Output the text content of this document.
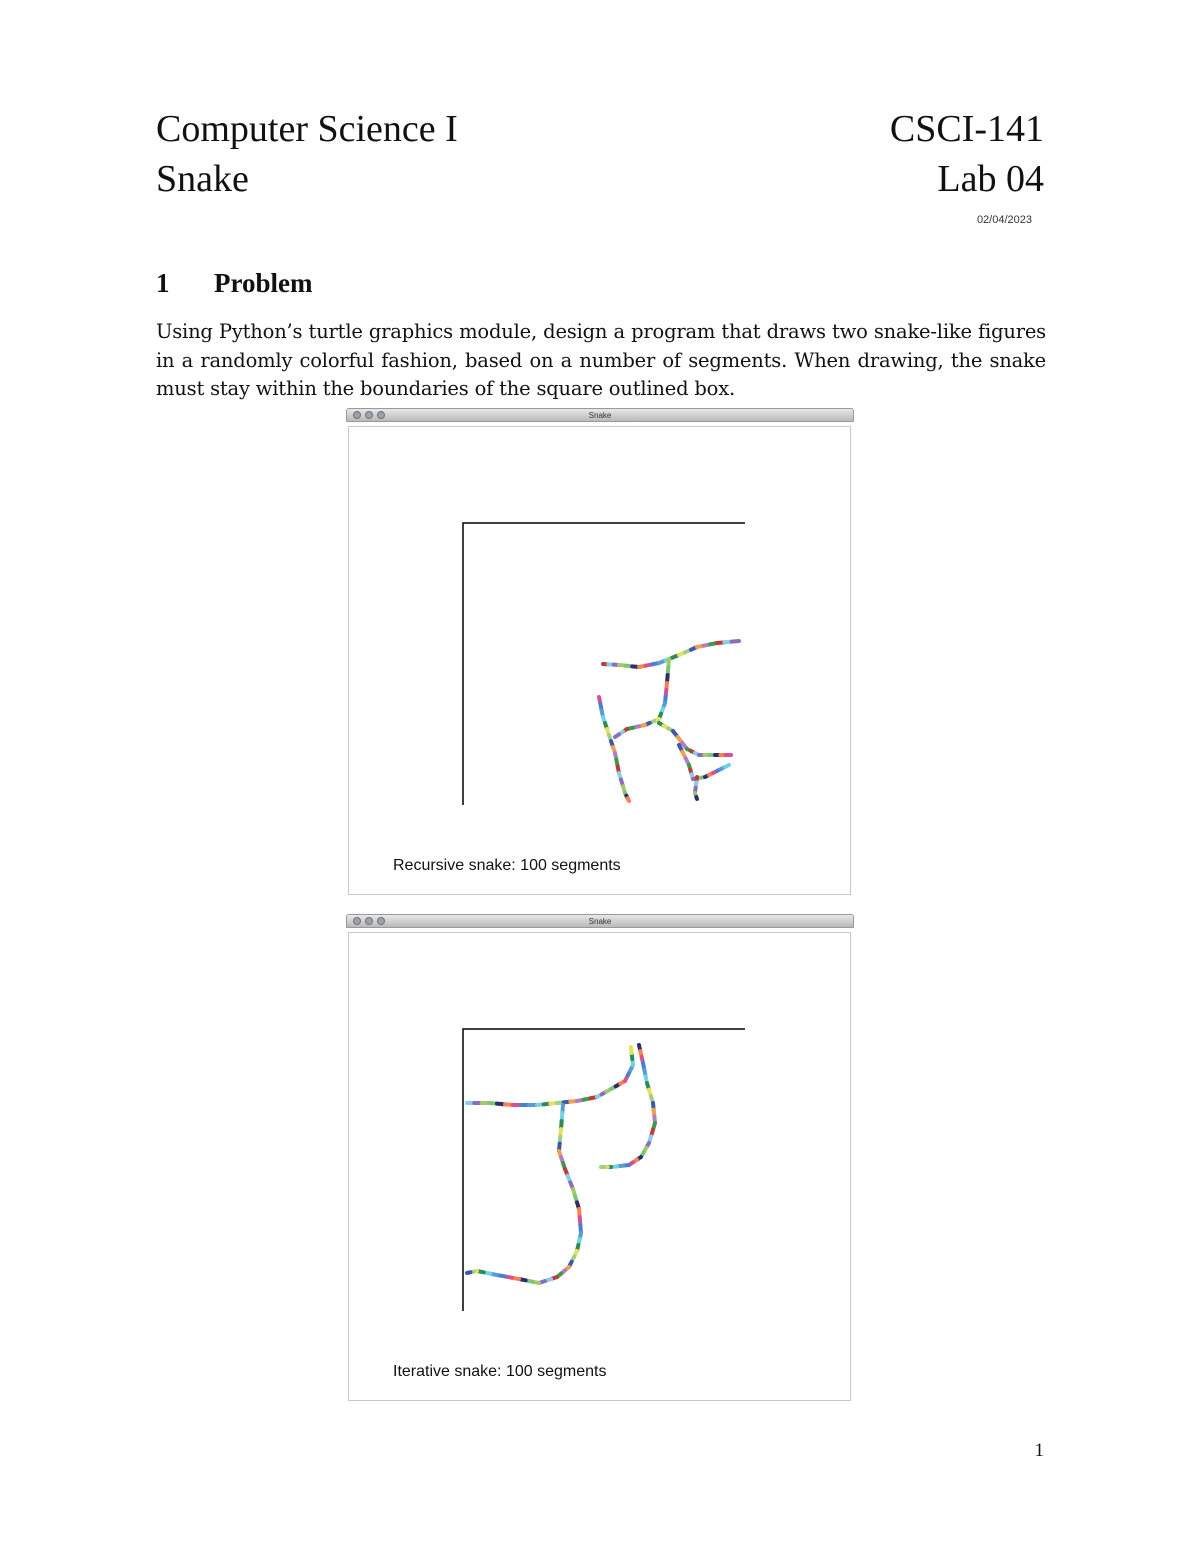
Computer Science I	CSCI-141
Snake	Lab 04
02/04/2023
1 Problem
Using Python’s turtle graphics module, design a program that draws two snake-like figures in a randomly colorful fashion, based on a number of segments. When drawing, the snake must stay within the boundaries of the square outlined box.
Snake
Recursive snake: 100 segments
Snake
Iterative snake: 100 segments
1
